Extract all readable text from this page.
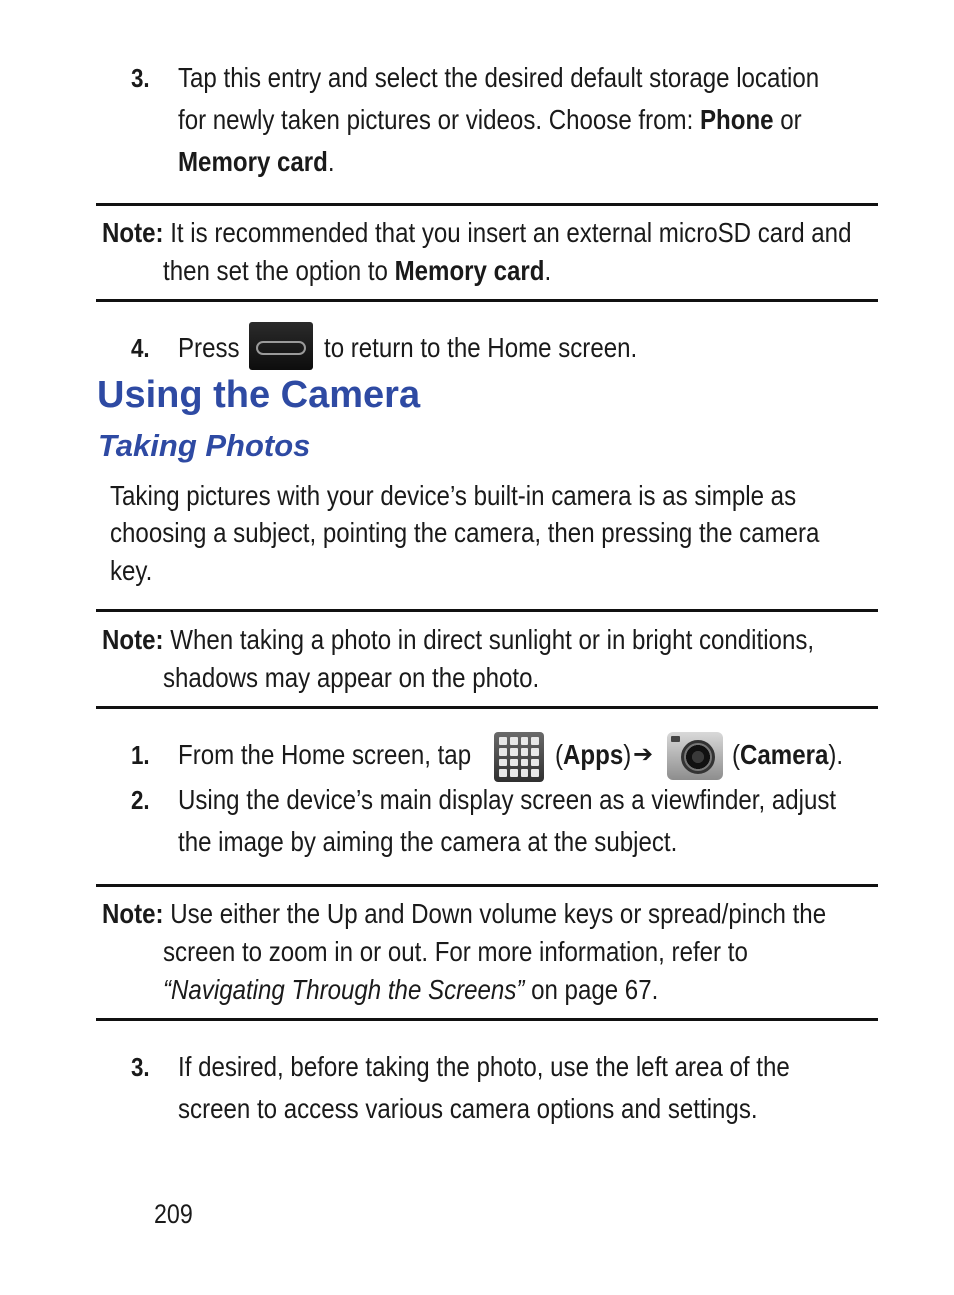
3. Tap this entry and select the desired default storage location
for newly taken pictures or videos. Choose from: Phone or
Memory card.
Note: It is recommended that you insert an external microSD card and
then set the option to Memory card.
4. Press	to return to the Home screen.
Using the Camera
Taking Photos
Taking pictures with your device’s built-in camera is as simple as
choosing a subject, pointing the camera, then pressing the camera
key.
Note: When taking a photo in direct sunlight or in bright conditions,
shadows may appear on the photo.
1. From the Home screen, tap	(Apps) ➔	(Camera).
2. Using the device’s main display screen as a viewfinder, adjust
the image by aiming the camera at the subject.
Note: Use either the Up and Down volume keys or spread/pinch the
screen to zoom in or out. For more information, refer to
“Navigating Through the Screens” on page 67.
3. If desired, before taking the photo, use the left area of the
screen to access various camera options and settings.
209
